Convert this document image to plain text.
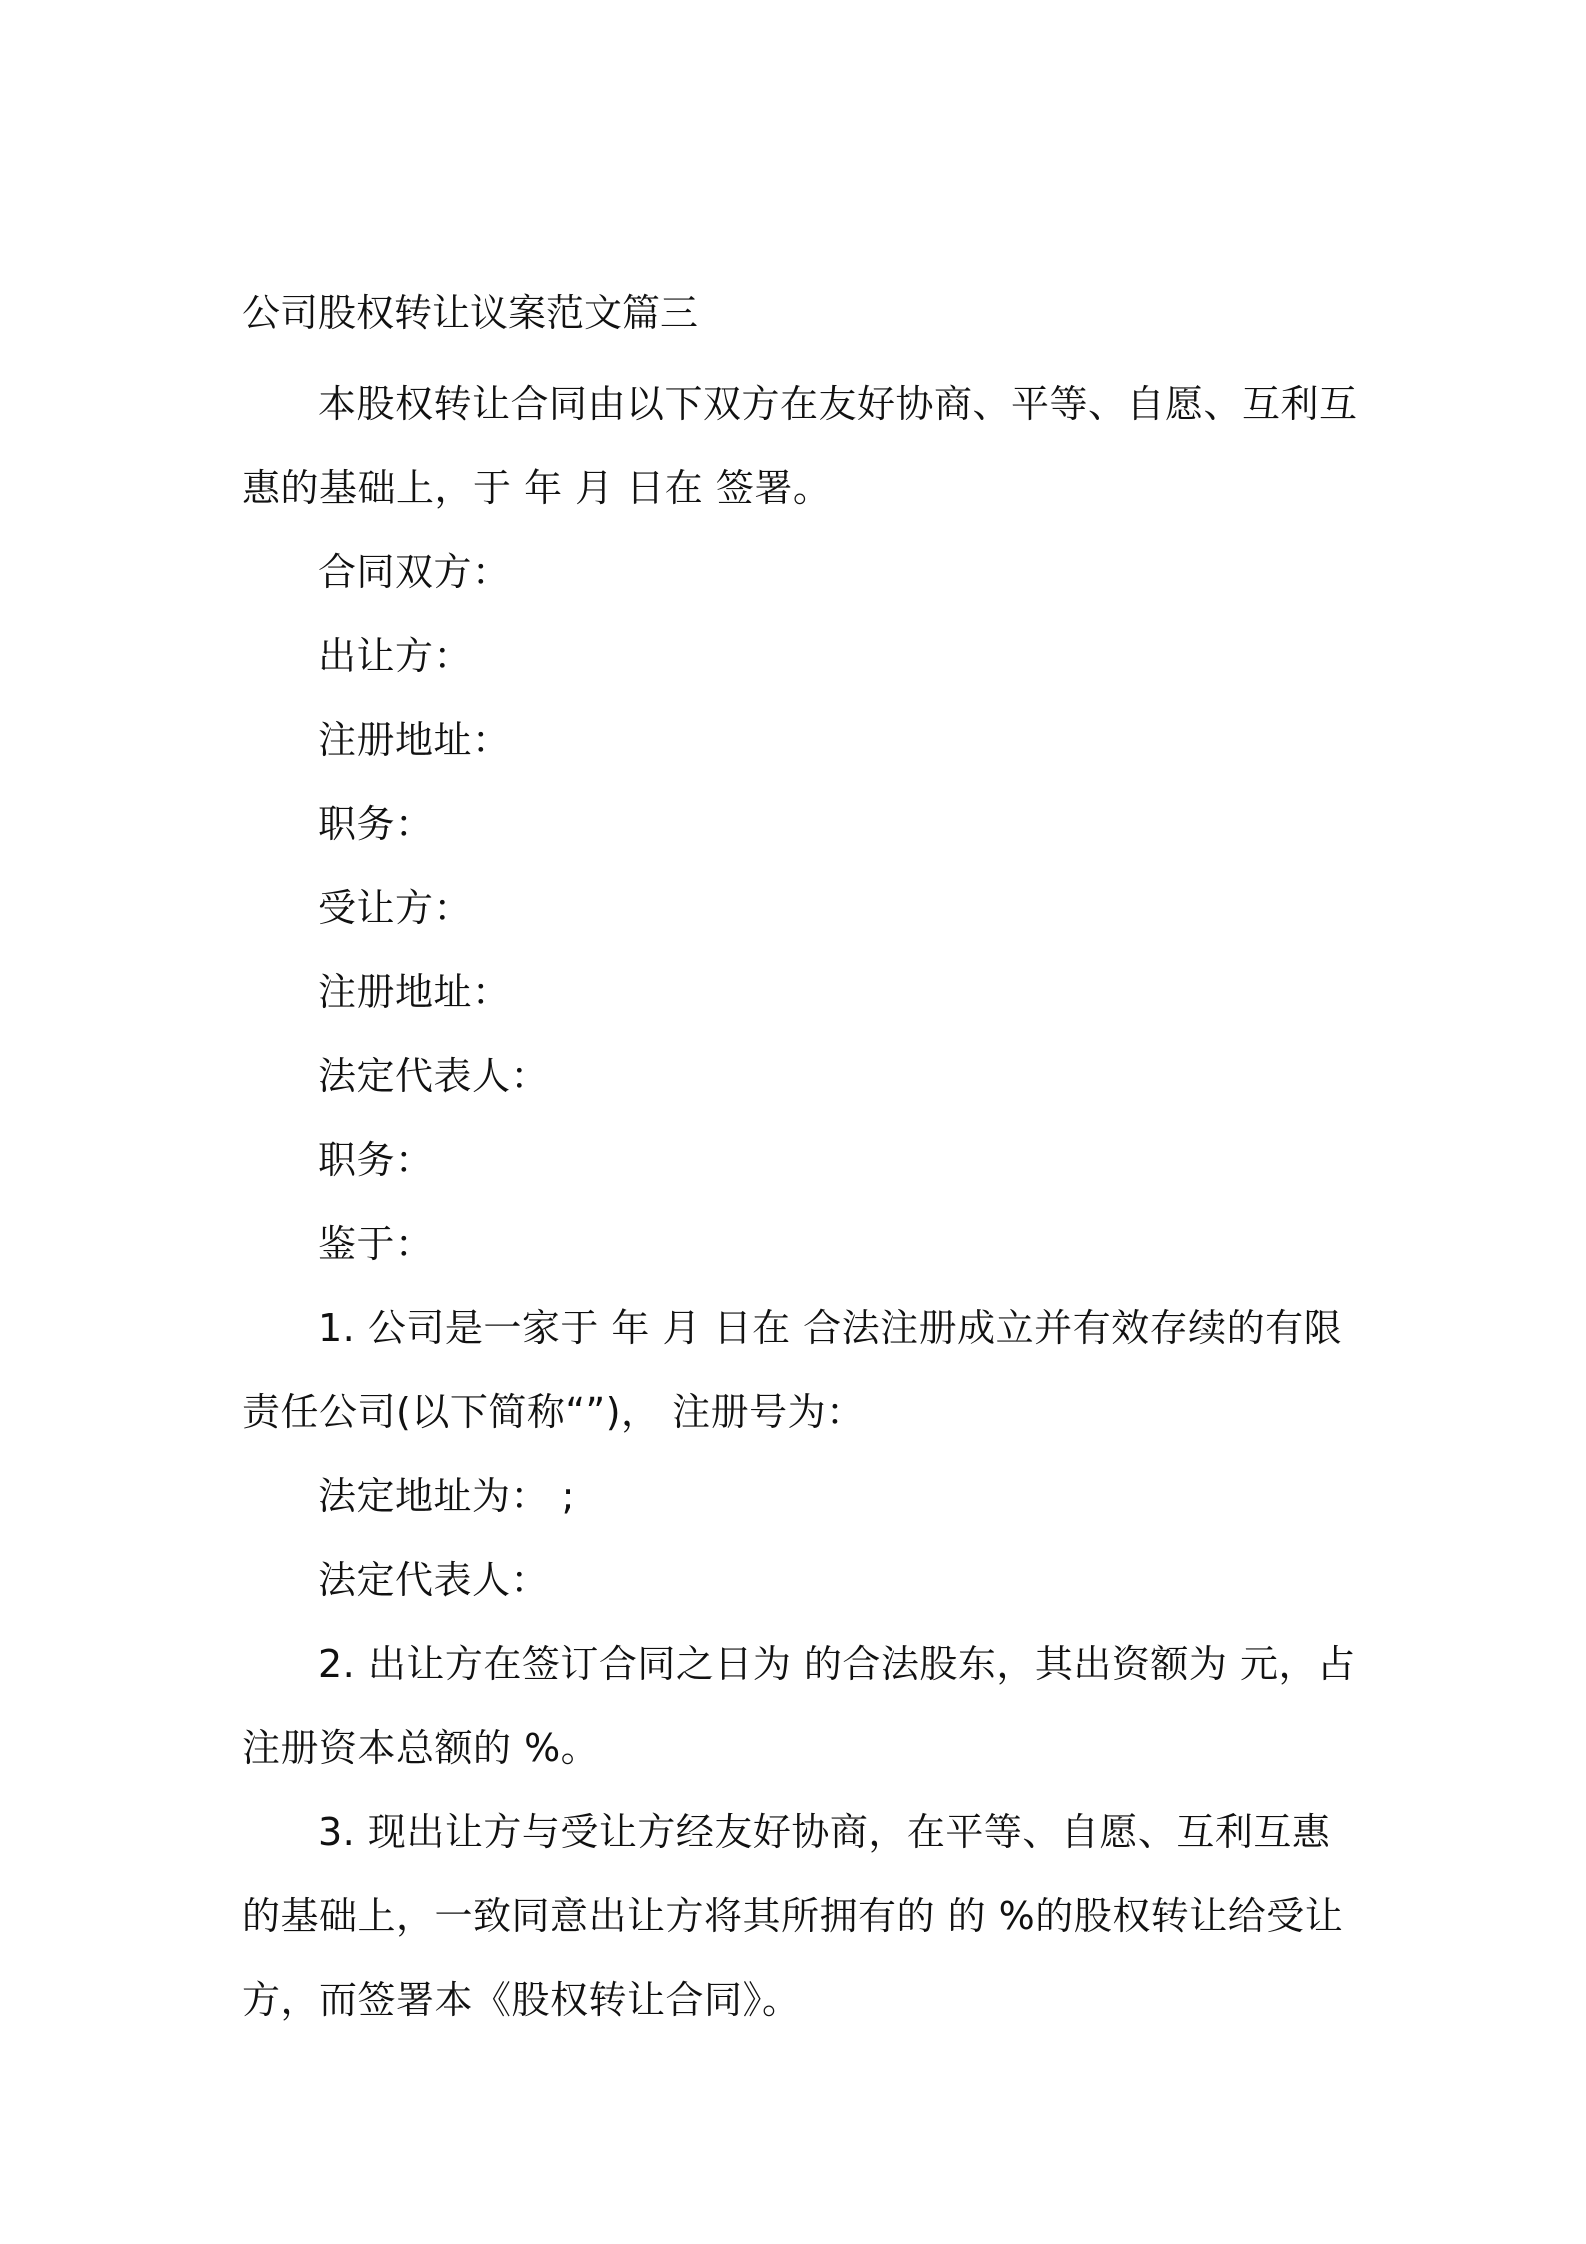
公司股权转让议案范文篇三

本股权转让合同由以下双方在友好协商、平等、自愿、互利互惠的基础上，于 年 月 日在 签署。

合同双方：

出让方：

注册地址：

职务：

受让方：

注册地址：

法定代表人：

职务：

鉴于：

1. 公司是一家于 年 月 日在 合法注册成立并有效存续的有限责任公司(以下简称“”)， 注册号为：

法定地址为： ;

法定代表人：

2. 出让方在签订合同之日为 的合法股东，其出资额为 元，占注册资本总额的 %。

3. 现出让方与受让方经友好协商，在平等、自愿、互利互惠的基础上，一致同意出让方将其所拥有的 的 %的股权转让给受让方，而签署本《股权转让合同》。
